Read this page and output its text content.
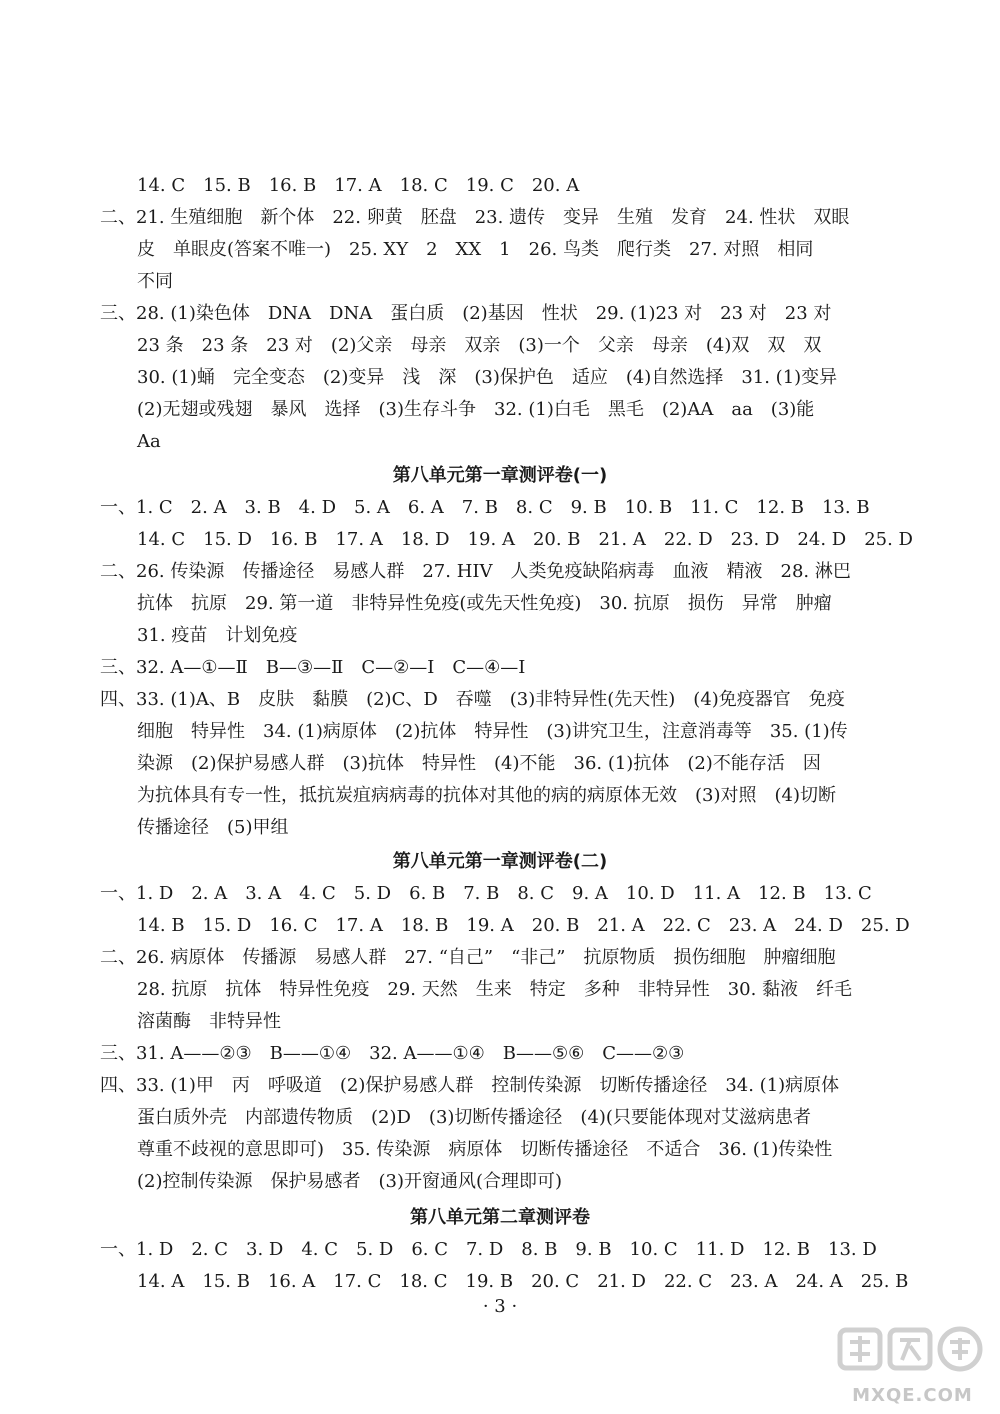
14. C　15. B　16. B　17. A　18. C　19. C　20. A
二、21. 生殖细胞　新个体　22. 卵黄　胚盘　23. 遗传　变异　生殖　发育　24. 性状　双眼
皮　单眼皮(答案不唯一)　25. XY　2　XX　1　26. 鸟类　爬行类　27. 对照　相同
不同
三、28. (1)染色体　DNA　DNA　蛋白质　(2)基因　性状　29. (1)23 对　23 对　23 对
23 条　23 条　23 对　(2)父亲　母亲　双亲　(3)一个　父亲　母亲　(4)双　双　双
30. (1)蛹　完全变态　(2)变异　浅　深　(3)保护色　适应　(4)自然选择　31. (1)变异
(2)无翅或残翅　暴风　选择　(3)生存斗争　32. (1)白毛　黑毛　(2)AA　aa　(3)能
Aa
第八单元第一章测评卷(一)
一、1. C　2. A　3. B　4. D　5. A　6. A　7. B　8. C　9. B　10. B　11. C　12. B　13. B
14. C　15. D　16. B　17. A　18. D　19. A　20. B　21. A　22. D　23. D　24. D　25. D
二、26. 传染源　传播途径　易感人群　27. HIV　人类免疫缺陷病毒　血液　精液　28. 淋巴
抗体　抗原　29. 第一道　非特异性免疫(或先天性免疫)　30. 抗原　损伤　异常　肿瘤
31. 疫苗　计划免疫
三、32. A—①—Ⅱ　B—③—Ⅱ　C—②—Ⅰ　C—④—Ⅰ
四、33. (1)A、B　皮肤　黏膜　(2)C、D　吞噬　(3)非特异性(先天性)　(4)免疫器官　免疫
细胞　特异性　34. (1)病原体　(2)抗体　特异性　(3)讲究卫生，注意消毒等　35. (1)传
染源　(2)保护易感人群　(3)抗体　特异性　(4)不能　36. (1)抗体　(2)不能存活　因
为抗体具有专一性，抵抗炭疽病病毒的抗体对其他的病的病原体无效　(3)对照　(4)切断
传播途径　(5)甲组
第八单元第一章测评卷(二)
一、1. D　2. A　3. A　4. C　5. D　6. B　7. B　8. C　9. A　10. D　11. A　12. B　13. C
14. B　15. D　16. C　17. A　18. B　19. A　20. B　21. A　22. C　23. A　24. D　25. D
二、26. 病原体　传播源　易感人群　27. “自己”　“非己”　抗原物质　损伤细胞　肿瘤细胞
28. 抗原　抗体　特异性免疫　29. 天然　生来　特定　多种　非特异性　30. 黏液　纤毛
溶菌酶　非特异性
三、31. A——②③　B——①④　32. A——①④　B——⑤⑥　C——②③
四、33. (1)甲　丙　呼吸道　(2)保护易感人群　控制传染源　切断传播途径　34. (1)病原体
蛋白质外壳　内部遗传物质　(2)D　(3)切断传播途径　(4)(只要能体现对艾滋病患者
尊重不歧视的意思即可)　35. 传染源　病原体　切断传播途径　不适合　36. (1)传染性
(2)控制传染源　保护易感者　(3)开窗通风(合理即可)
第八单元第二章测评卷
一、1. D　2. C　3. D　4. C　5. D　6. C　7. D　8. B　9. B　10. C　11. D　12. B　13. D
14. A　15. B　16. A　17. C　18. C　19. B　20. C　21. D　22. C　23. A　24. A　25. B
· 3 ·
MXQE.COM
